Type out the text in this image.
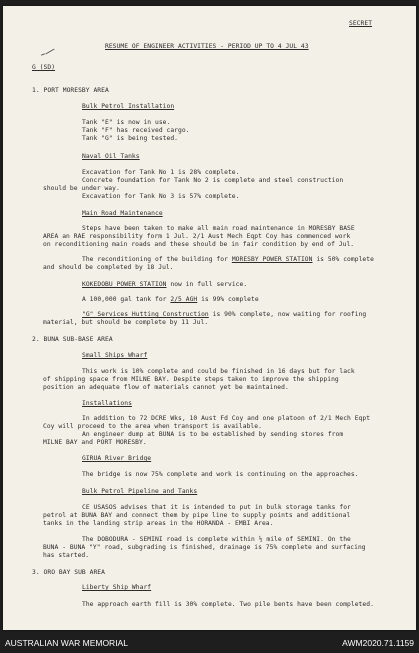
SECRET
RESUME OF ENGINEER ACTIVITIES - PERIOD UP TO 4 JUL 43
G (SD)
1. PORT MORESBY AREA
Bulk Petrol Installation
Tank "E" is now in use.
Tank "F" has received cargo.
Tank "G" is being tested.
Naval Oil Tanks
Excavation for Tank No 1 is 28% complete.
Concrete foundation for Tank No 2 is complete and steel construction
should be under way.
Excavation for Tank No 3 is 57% complete.
Main Road Maintenance
Steps have been taken to make all main road maintenance in MORESBY BASE
AREA an RAE responsibility form 1 Jul. 2/1 Aust Mech Eqpt Coy has commenced work
on reconditioning main roads and these should be in fair condition by end of Jul.
The reconditioning of the building for MORESBY POWER STATION is 50% complete
and should be completed by 18 Jul.
KOKEDOBU POWER STATION now in full service.
A 100,000 gal tank for 2/5 AGH is 99% complete
"G" Services Hutting Construction is 90% complete, now waiting for roofing
material, but should be complete by 11 Jul.
2. BUNA SUB-BASE AREA
Small Ships Wharf
This work is 10% complete and could be finished in 16 days but for lack
of shipping space from MILNE BAY. Despite steps taken to improve the shipping
position an adequate flow of materials cannot yet be maintained.
Installations
In addition to 72 DCRE Wks, 10 Aust Fd Coy and one platoon of 2/1 Mech Eqpt
Coy will proceed to the area when transport is available.
An engineer dump at BUNA is to be established by sending stores from
MILNE BAY and PORT MORESBY.
GIRUA River Bridge
The bridge is now 75% complete and work is continuing on the approaches.
Bulk Petrol Pipeline and Tanks
CE USASOS advises that it is intended to put in bulk storage tanks for
petrol at BUNA BAY and connect them by pipe line to supply points and additional
tanks in the landing strip areas in the HORANDA - EMBI Area.
The DOBODURA - SEMINI road is complete within ½ mile of SEMINI. On the
BUNA - BUNA "Y" road, subgrading is finished, drainage is 75% complete and surfacing
has started.
3. ORO BAY SUB AREA
Liberty Ship Wharf
The approach earth fill is 30% complete. Two pile bents have been completed.
AUSTRALIAN WAR MEMORIAL	AWM2020.71.1159
